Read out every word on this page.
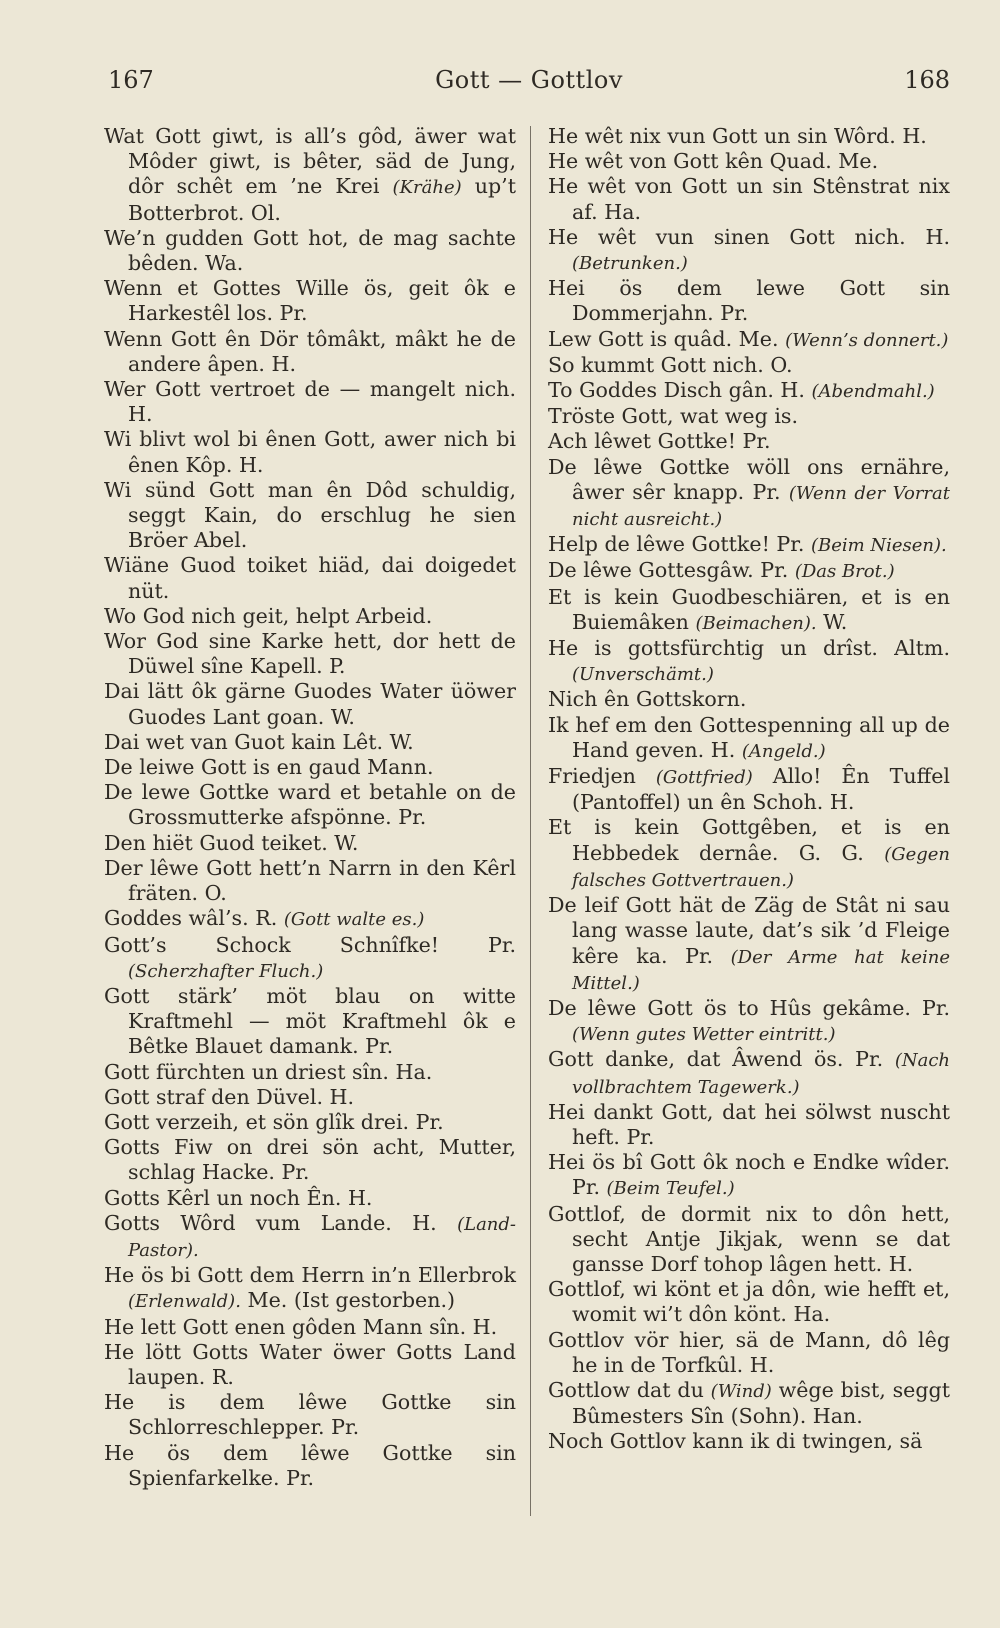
167	Gott — Gottlov	168

Wat Gott giwt, is all’s gôd, äwer wat Môder giwt, is bêter, säd de Jung, dôr schêt em ’ne Krei (Krähe) up’t Botterbrot. Ol.

We’n gudden Gott hot, de mag sachte bêden. Wa.

Wenn et Gottes Wille ös, geit ôk e Harkestêl los. Pr.

Wenn Gott ên Dör tômâkt, mâkt he de andere âpen. H.

Wer Gott vertroet de — mangelt nich. H.

Wi blivt wol bi ênen Gott, awer nich bi ênen Kôp. H.

Wi sünd Gott man ên Dôd schuldig, seggt Kain, do erschlug he sien Bröer Abel.

Wiäne Guod toiket hiäd, dai doigedet nüt.

Wo God nich geit, helpt Arbeid.

Wor God sine Karke hett, dor hett de Düwel sîne Kapell. P.

Dai lätt ôk gärne Guodes Water üöwer Guodes Lant goan. W.

Dai wet van Guot kain Lêt. W.

De leiwe Gott is en gaud Mann.

De lewe Gottke ward et betahle on de Grossmutterke afspönne. Pr.

Den hiët Guod teiket. W.

Der lêwe Gott hett’n Narrn in den Kêrl fräten. O.

Goddes wâl’s. R. (Gott walte es.)

Gott’s Schock Schnîfke! Pr. (Scherzhafter Fluch.)

Gott stärk’ möt blau on witte Kraftmehl — möt Kraftmehl ôk e Bêtke Blauet damank. Pr.

Gott fürchten un driest sîn. Ha.

Gott straf den Düvel. H.

Gott verzeih, et sön glîk drei. Pr.

Gotts Fiw on drei sön acht, Mutter, schlag Hacke. Pr.

Gotts Kêrl un noch Ên. H.

Gotts Wôrd vum Lande. H. (Land-Pastor).

He ös bi Gott dem Herrn in’n Ellerbrok (Erlenwald). Me. (Ist gestorben.)

He lett Gott enen gôden Mann sîn. H.

He lött Gotts Water öwer Gotts Land laupen. R.

He is dem lêwe Gottke sin Schlorreschlepper. Pr.

He ös dem lêwe Gottke sin Spienfarkelke. Pr.

He wêt nix vun Gott un sin Wôrd. H.

He wêt von Gott kên Quad. Me.

He wêt von Gott un sin Stênstrat nix af. Ha.

He wêt vun sinen Gott nich. H. (Betrunken.)

Hei ös dem lewe Gott sin Dommerjahn. Pr.

Lew Gott is quâd. Me. (Wenn’s donnert.)

So kummt Gott nich. O.

To Goddes Disch gân. H. (Abendmahl.)

Tröste Gott, wat weg is.

Ach lêwet Gottke! Pr.

De lêwe Gottke wöll ons ernähre, âwer sêr knapp. Pr. (Wenn der Vorrat nicht ausreicht.)

Help de lêwe Gottke! Pr. (Beim Niesen).

De lêwe Gottesgâw. Pr. (Das Brot.)

Et is kein Guodbeschiären, et is en Buiemâken (Beimachen). W.

He is gottsfürchtig un drîst. Altm. (Unverschämt.)

Nich ên Gottskorn.

Ik hef em den Gottespenning all up de Hand geven. H. (Angeld.)

Friedjen (Gottfried) Allo! Ên Tuffel (Pantoffel) un ên Schoh. H.

Et is kein Gottgêben, et is en Hebbedek dernâe. G. G. (Gegen falsches Gottvertrauen.)

De leif Gott hät de Zäg de Stât ni sau lang wasse laute, dat’s sik ’d Fleige kêre ka. Pr. (Der Arme hat keine Mittel.)

De lêwe Gott ös to Hûs gekâme. Pr. (Wenn gutes Wetter eintritt.)

Gott danke, dat Âwend ös. Pr. (Nach vollbrachtem Tagewerk.)

Hei dankt Gott, dat hei sölwst nuscht heft. Pr.

Hei ös bî Gott ôk noch e Endke wîder. Pr. (Beim Teufel.)

Gottlof, de dormit nix to dôn hett, secht Antje Jikjak, wenn se dat gansse Dorf tohop lâgen hett. H.

Gottlof, wi könt et ja dôn, wie hefft et, womit wi’t dôn könt. Ha.

Gottlov vör hier, sä de Mann, dô lêg he in de Torfkûl. H.

Gottlow dat du (Wind) wêge bist, seggt Bûmesters Sîn (Sohn). Han.

Noch Gottlov kann ik di twingen, sä
